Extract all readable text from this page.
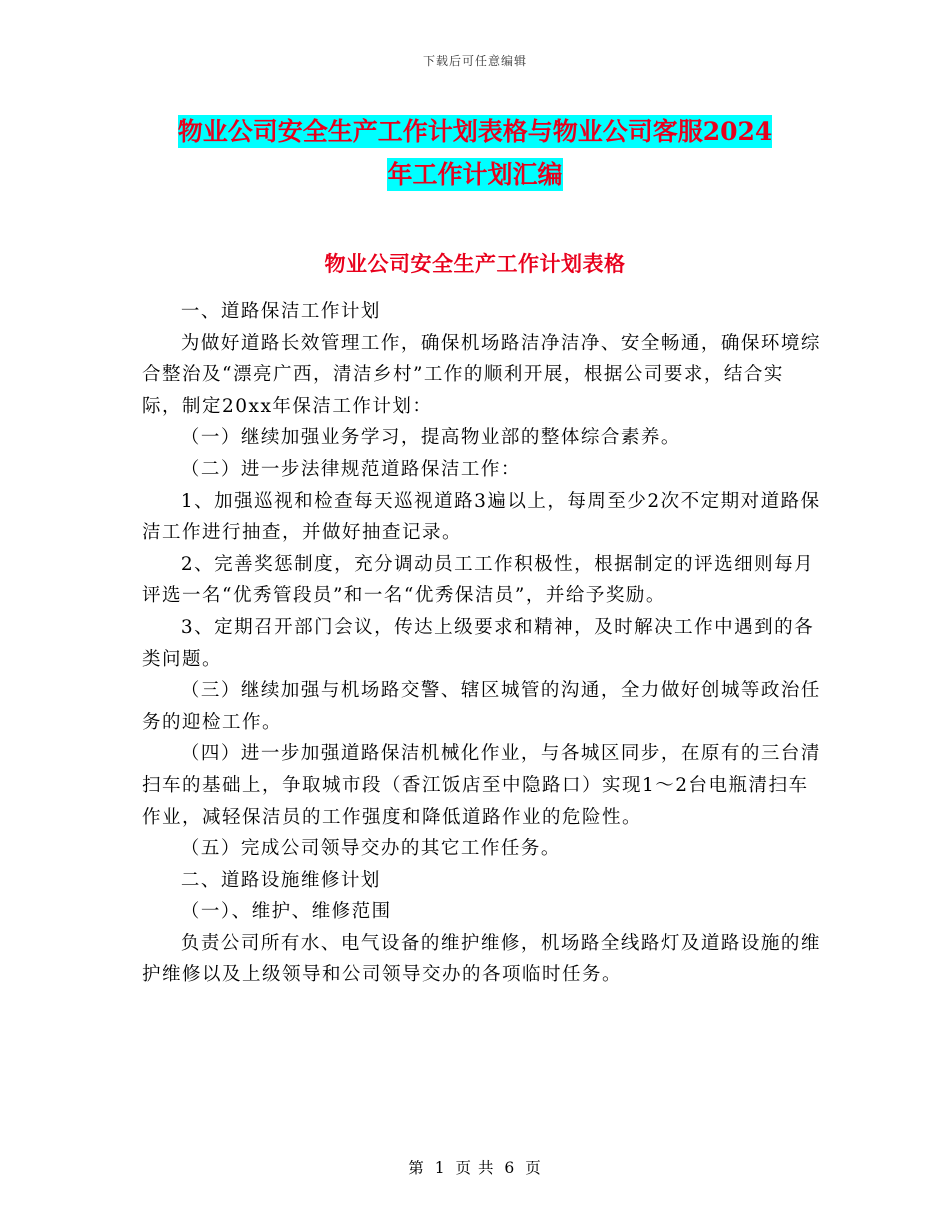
下载后可任意编辑
物业公司安全生产工作计划表格与物业公司客服2024
年工作计划汇编
物业公司安全生产工作计划表格

一、道路保洁工作计划

为做好道路长效管理工作，确保机场路洁净洁净、安全畅通，确保环境综合整治及“漂亮广西，清洁乡村”工作的顺利开展，根据公司要求，结合实际，制定20xx年保洁工作计划：

（一）继续加强业务学习，提高物业部的整体综合素养。

（二）进一步法律规范道路保洁工作：

1、加强巡视和检查每天巡视道路3遍以上，每周至少2次不定期对道路保洁工作进行抽查，并做好抽查记录。

2、完善奖惩制度，充分调动员工工作积极性，根据制定的评选细则每月评选一名“优秀管段员”和一名“优秀保洁员”，并给予奖励。

3、定期召开部门会议，传达上级要求和精神，及时解决工作中遇到的各类问题。

（三）继续加强与机场路交警、辖区城管的沟通，全力做好创城等政治任务的迎检工作。

（四）进一步加强道路保洁机械化作业，与各城区同步，在原有的三台清扫车的基础上，争取城市段（香江饭店至中隐路口）实现1～2台电瓶清扫车作业，减轻保洁员的工作强度和降低道路作业的危险性。

（五）完成公司领导交办的其它工作任务。

二、道路设施维修计划

（一）、维护、维修范围

负责公司所有水、电气设备的维护维修，机场路全线路灯及道路设施的维护维修以及上级领导和公司领导交办的各项临时任务。

第 1 页 共 6 页
